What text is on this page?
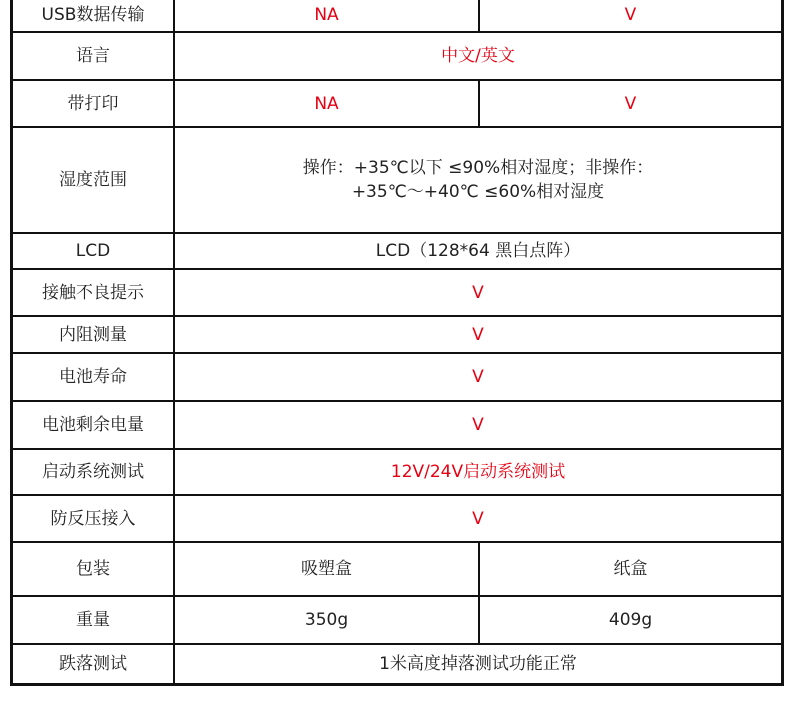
USB数据传输	NA	V
语言	中文/英文	
带打印	NA	V
湿度范围	操作：+35℃以下 ≤90%相对湿度；非操作：
+35℃～+40℃ ≤60%相对湿度	

LCD	LCD（128*64 黑白点阵）	
接触不良提示	V	
内阻测量	V	
电池寿命	V	
电池剩余电量	V	
启动系统测试	12V/24V启动系统测试	
防反压接入	V	
包装	吸塑盒	纸盒
重量	350g	409g
跌落测试	1米高度掉落测试功能正常	
